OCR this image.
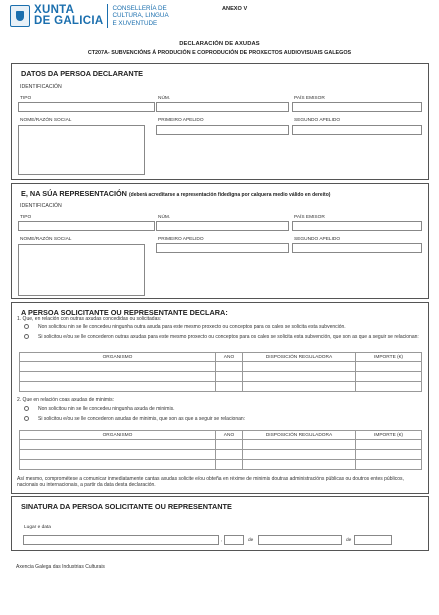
XUNTA
DE GALICIA
CONSELLERÍA DE
CULTURA, LINGUA
E XUVENTUDE
ANEXO V
DECLARACIÓN DE AXUDAS
CT207A- SUBVENCIÓNS Á PRODUCIÓN E COPRODUCIÓN DE PROXECTOS AUDIOVISUAIS GALEGOS
DATOS DA PERSOA DECLARANTE
IDENTIFICACIÓN
TIPO	NÚM.	PAÍS EMISOR
NOME/RAZÓN SOCIAL	PRIMEIRO APELIDO	SEGUNDO APELIDO
E, NA SÚA REPRESENTACIÓN (deberá acreditarse a representación fidedigna por calquera medio válido en dereito)
IDENTIFICACIÓN
TIPO	NÚM.	PAÍS EMISOR
NOME/RAZÓN SOCIAL	PRIMEIRO APELIDO	SEGUNDO APELIDO
A PERSOA SOLICITANTE OU REPRESENTANTE DECLARA:
1. Que, en relación con outras axudas concedidas ou solicitadas:
Non solicitou nin se lle concedeu ningunha outra axuda para este mesmo proxecto ou conceptos para os cales se solicita esta subvención.
Si solicitou e/ou se lle concederon outras axudas para este mesmo proxecto ou conceptos para os cales se solicita esta subvención, que son as que a seguir se relacionan:
ORGANISMO	ANO	DISPOSICIÓN REGULADORA	IMPORTE (€)

2. Que en relación coas axudas de minimis:
Non solicitou nin se lle concedeu ningunha axuda de minimis.
Si solicitou e/ou se lle concederon axudas de minimis, que son as que a seguir se relacionan:
ORGANISMO	ANO	DISPOSICIÓN REGULADORA	IMPORTE (€)

Así mesmo, comprométese a comunicar inmediatamente cantas axudas solicite e/ou obteña en réxime de minimis doutras administracións públicas ou doutros entes públicos, nacionais ou internacionais, a partir da data desta declaración.
SINATURA DA PERSOA SOLICITANTE OU REPRESENTANTE
Lugar e data
,	de	de
Axencia Galega das Industrias Culturais
